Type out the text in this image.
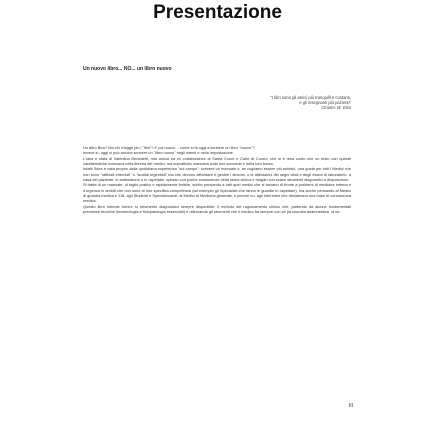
Presentazione
Un nuovo libro... NO... un libro nuovo
"I libri sono gli amici più tranquilli e costanti,
e gli insegnanti più pazienti"
Charles W. Eliot

Un altro libro? Ma chi li legge più i "libri"? E poi nuovo… come si fa oggi a scrivere un libro "nuovo"?

Invece sì, oggi si può ancora scrivere un "libro nuovo" negli intenti e nella impostazione.

L'idea è stata di Valentina Benedetti, mia amica ed ex collaboratrice al Santa Croce e Carle di Cuneo, che si è resa conto che un testo con queste caratteristiche mancava nella libreria dei medici; ma soprattutto mancava sulla loro scrivania e nella loro borsa.

Infatti l'idea è nata proprio dalla quotidiana esperienza "sul campo": scrivere un manuale o, se vogliamo essere più enfatici, una guida per tutti i Medici che non sono "raffinati internisti" o "scafati urgentisti" ma che devono affrontare e gestire i sintomi, o le alterazioni dei segni vitali e degli esami di laboratorio, a casa del paziente, in ambulatorio o in ospedale, spesso con poche conoscenze della storia clinica e magari con scarsi strumenti diagnostici a disposizione.

Si tratta di un manuale, di taglio pratico e rapidamente fruibile, scritto pensando a tutti quei medici che si trovano di fronte a problemi di medicina interna e d'urgenza in ambiti che non sono di loro specifica competenza (ad esempio gli Specialisti che fanno le guardie in ospedale), ma anche pensando ai Medici di guardia medica e 118, agli Studenti e Specializzandi, ai Medici di Medicina generale, e perché no, agli Infermieri che desiderano una base di conoscenza medica.

Questo libro intende fornire lo strumento diagnostico sempre disponibile: il metodo del ragionamento clinico che, partendo da alcune fondamentali premesse teoriche (terminologia e fisiopatologia essenziali) e utilizzando gli strumenti che il medico ha sempre con sé (la raccolta anamnestica, la mi-

III
